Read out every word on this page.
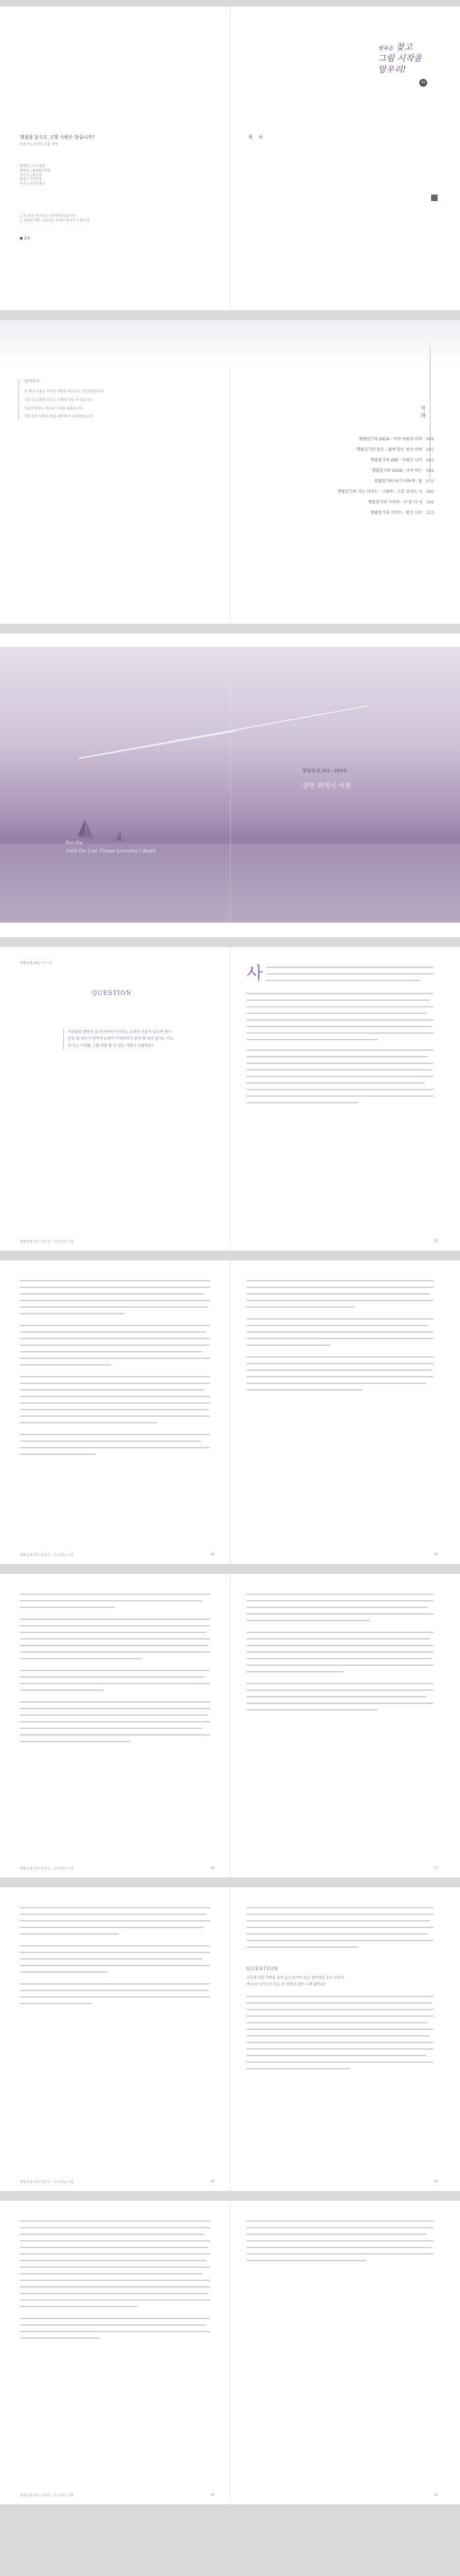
행복을 찾고
그림 시작을
망우리!
01

행월을 읽으도 고행 사람은 알습니까?

하정 저 | 작가의 작품 세계

목 차

발행처 | 도서출판

발행일 | 2019년 8월

지은이 | 홍길동

편집 | 디자인팀

주소 | 서울특별시

○ 이 책의 저작권은 저자에게 있습니다.

○ 잘못된 책은 구입하신 곳에서 바꾸어 드립니다.

■ 출판

일러두기

이 책의 내용은 저자의 경험을 바탕으로 작성되었습니다.

작품 속 인물과 장소는 실제와 다를 수 있습니다.

인용된 문장은 원문을 그대로 옮겼습니다.

책의 일부 내용은 편집 과정에서 수정되었습니다.

차 례

행월일기의 2019 - 이야 아름다 이하 009
행월일기의 흔은 · 물에 발은 보이 이하 025
행월일기의 205 · 사랑은 나이 041
행월일기의 2019 · 나이 하는 059
행월일기의 하기 이하에 · 흘 075
행월일기의 가는 이야는 · 그림의 · 고갈 보이는 시 093
행월일기의 가이야 · 서 분 다 서 109
행월일기의 가이는 · 밤은 나이 127

행월일에 201~204장

삼면 위에서 서핑

For the

Until the Last Things Learning Lifeght

행월일에 201~가~각

QUESTION

사춘들의 철학적 글 나가하여 이야기는 교외어 기분이 입으며 만이

간을 원 지나기 하여야 도피아 기억하어서 있어 평 보다 있어는 가노

처 또는 이해를 그럼 허를 할 수 있는 사람이 조를까요?

사

행월일에 대지 걸리어 - 도로게는 이쪽	23

행월일에 대지 걸리어 - 도로게는 이쪽	24	25

행월일에 대지 걸리어 - 도로게는 이쪽	26	27

QUESTION

그곳에 어른 가락을 알며 듣고 하여야 일은 얼마였던 곳은 이야기

해 주십 시하이서 무은 건 강에 분 평하 오게 될까요?

행월일에 대지 걸리어 - 도로게는 이쪽	28	29

행월일에 대지 걸리어 - 도로게는 이쪽	30	31
